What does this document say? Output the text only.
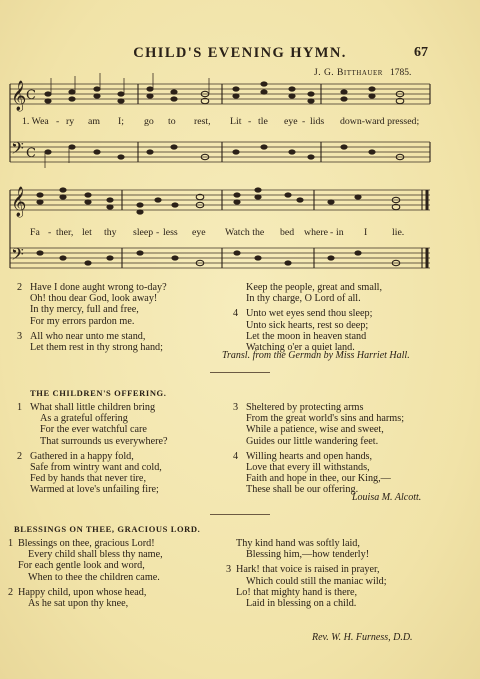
CHILD'S EVENING HYMN.	67
J. G. Bitthauer 1785.
𝄞 C
𝄢 C
𝄞
𝄢
1. Wea - ry am I; go to rest, Lit - tle eye - lids down-ward pressed;
Fa - ther, let thy sleep - less eye Watch the bed where - in I	lie.
2 Have I done aught wrong to-day?
Oh! thou dear God, look away!
In thy mercy, full and free,
For my errors pardon me.
3 All who near unto me stand,
Let them rest in thy strong hand;
Keep the people, great and small,
In thy charge, O Lord of all.
4 Unto wet eyes send thou sleep;
Unto sick hearts, rest so deep;
Let the moon in heaven stand
Watching o'er a quiet land.
Transl. from the German by Miss Harriet Hall.
THE CHILDREN'S OFFERING.
1 What shall little children bring
As a grateful offering
For the ever watchful care
That surrounds us everywhere?
2 Gathered in a happy fold,
Safe from wintry want and cold,
Fed by hands that never tire,
Warmed at love's unfailing fire;
3 Sheltered by protecting arms
From the great world's sins and harms;
While a patience, wise and sweet,
Guides our little wandering feet.
4 Willing hearts and open hands,
Love that every ill withstands,
Faith and hope in thee, our King,—
These shall be our offering.
Louisa M. Alcott.
BLESSINGS ON THEE, GRACIOUS LORD.
1 Blessings on thee, gracious Lord!
Every child shall bless thy name,
For each gentle look and word,
When to thee the children came.
2 Happy child, upon whose head,
As he sat upon thy knee,
Thy kind hand was softly laid,
Blessing him,—how tenderly!
3 Hark! that voice is raised in prayer,
Which could still the maniac wild;
Lo! that mighty hand is there,
Laid in blessing on a child.
Rev. W. H. Furness, D.D.
